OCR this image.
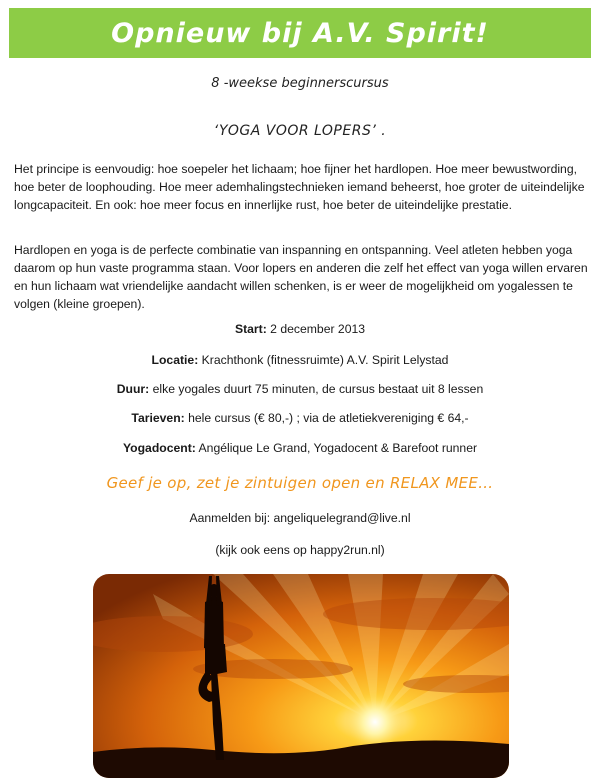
Opnieuw bij A.V. Spirit!
8 -weekse beginnerscursus
‘YOGA VOOR LOPERS’ .
Het principe is eenvoudig: hoe soepeler het lichaam; hoe fijner het hardlopen. Hoe meer bewustwording, hoe beter de loophouding. Hoe meer ademhalingstechnieken iemand beheerst, hoe groter de uiteindelijke longcapaciteit. En ook: hoe meer focus en innerlijke rust, hoe beter de uiteindelijke prestatie.
Hardlopen en yoga is de perfecte combinatie van inspanning en ontspanning. Veel atleten hebben yoga daarom op hun vaste programma staan. Voor lopers en anderen die zelf het effect van yoga willen ervaren en hun lichaam wat vriendelijke aandacht willen schenken, is er weer de mogelijkheid om yogalessen te volgen (kleine groepen).
Start: 2 december 2013
Locatie: Krachthonk (fitnessruimte) A.V. Spirit Lelystad
Duur: elke yogales duurt 75 minuten, de cursus bestaat uit 8 lessen
Tarieven: hele cursus (€ 80,-) ; via de atletiekvereniging € 64,-
Yogadocent: Angélique Le Grand, Yogadocent & Barefoot runner
Geef je op, zet je zintuigen open en RELAX MEE…
Aanmelden bij: angeliquelegrand@live.nl
(kijk ook eens op happy2run.nl)
